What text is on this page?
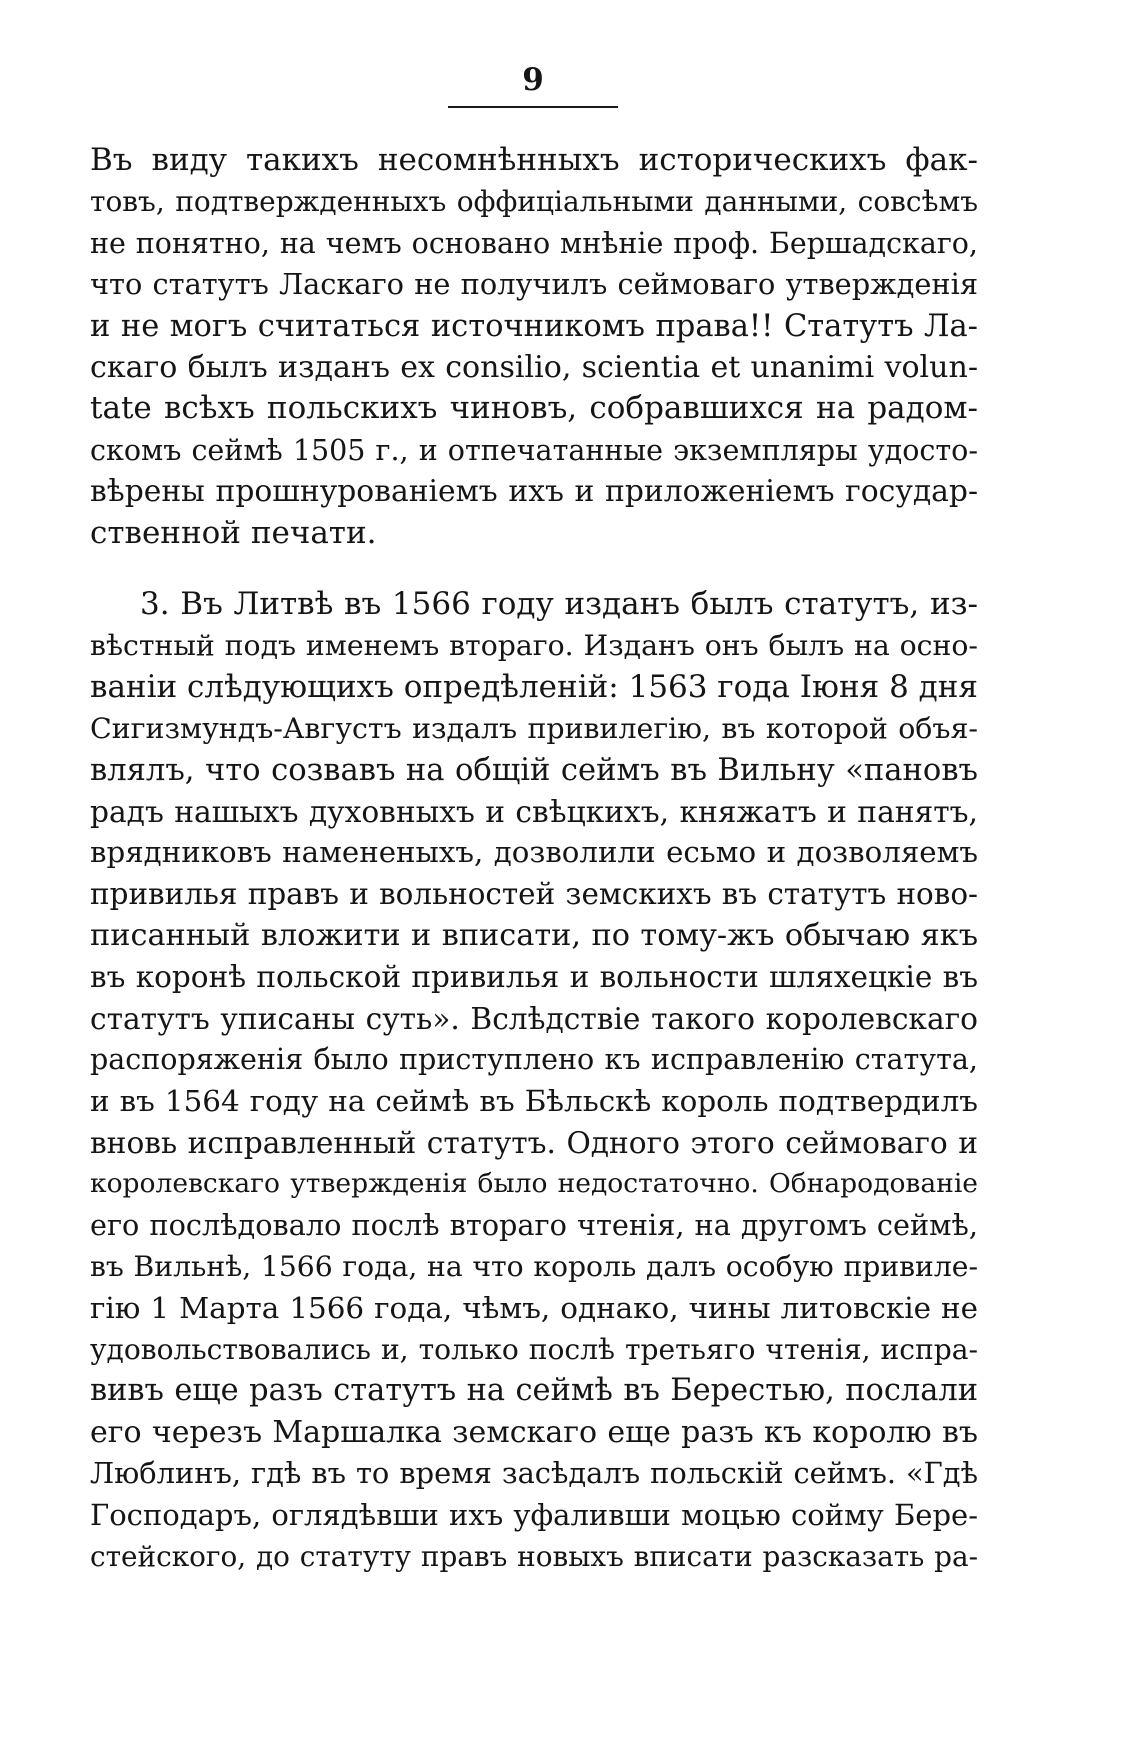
9
Въ виду такихъ несомнѣнныхъ историческихъ фак-
товъ, подтвержденныхъ оффиціальными данными, совсѣмъ
не понятно, на чемъ основано мнѣніе проф. Бершадскаго,
что статутъ Ласкаго не получилъ сеймоваго утвержденія
и не могъ считаться источникомъ права!! Статутъ Ла-
скаго былъ изданъ ex consilio, scientia et unanimi volun-
tate всѣхъ польскихъ чиновъ, собравшихся на радом-
скомъ сеймѣ 1505 г., и отпечатанные экземпляры удосто-
вѣрены прошнурованіемъ ихъ и приложеніемъ государ-
ственной печати.
3. Въ Литвѣ въ 1566 году изданъ былъ статутъ, из-
вѣстный подъ именемъ втораго. Изданъ онъ былъ на осно-
ваніи слѣдующихъ опредѣленій: 1563 года Іюня 8 дня
Сигизмундъ-Августъ издалъ привилегію, въ которой объя-
влялъ, что созвавъ на общій сеймъ въ Вильну «пановъ
радъ нашыхъ духовныхъ и свѣцкихъ, княжатъ и панятъ,
врядниковъ намененыхъ, дозволили есьмо и дозволяемъ
привилья правъ и вольностей земскихъ въ статутъ ново-
писанный вложити и вписати, по тому-жъ обычаю якъ
въ коронѣ польской привилья и вольности шляхецкіе въ
статутъ уписаны суть». Вслѣдствіе такого королевскаго
распоряженія было приступлено къ исправленію статута,
и въ 1564 году на сеймѣ въ Бѣльскѣ король подтвердилъ
вновь исправленный статутъ. Одного этого сеймоваго и
королевскаго утвержденія было недостаточно. Обнародованіе
его послѣдовало послѣ втораго чтенія, на другомъ сеймѣ,
въ Вильнѣ, 1566 года, на что король далъ особую привиле-
гію 1 Марта 1566 года, чѣмъ, однако, чины литовскіе не
удовольствовались и, только послѣ третьяго чтенія, испра-
вивъ еще разъ статутъ на сеймѣ въ Берестью, послали
его черезъ Маршалка земскаго еще разъ къ королю въ
Люблинъ, гдѣ въ то время засѣдалъ польскій сеймъ. «Гдѣ
Господаръ, оглядѣвши ихъ уфаливши моцью сойму Бере-
стейского, до статуту правъ новыхъ вписати разсказать ра-
